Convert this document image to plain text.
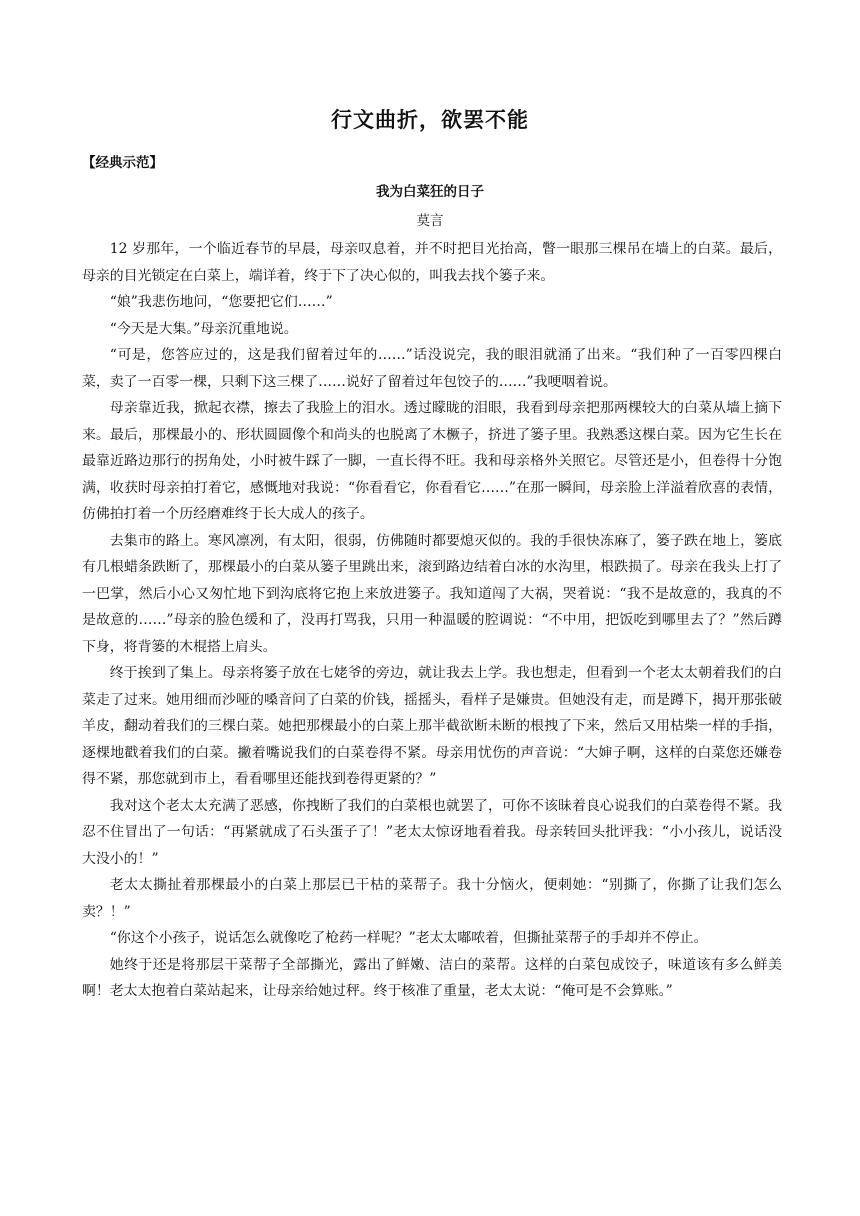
行文曲折，欲罢不能
【经典示范】
我为白菜狂的日子
莫言

12 岁那年，一个临近春节的早晨，母亲叹息着，并不时把目光抬高，瞥一眼那三棵吊在墙上的白菜。最后，母亲的目光锁定在白菜上，端详着，终于下了决心似的，叫我去找个篓子来。

“娘”我悲伤地问，“您要把它们……”

“今天是大集。”母亲沉重地说。

“可是，您答应过的，这是我们留着过年的……”话没说完，我的眼泪就涌了出来。“我们种了一百零四棵白菜，卖了一百零一棵，只剩下这三棵了……说好了留着过年包饺子的……”我哽咽着说。

母亲靠近我，掀起衣襟，擦去了我脸上的泪水。透过矇眬的泪眼，我看到母亲把那两棵较大的白菜从墙上摘下来。最后，那棵最小的、形状圆圆像个和尚头的也脱离了木橛子，挤进了篓子里。我熟悉这棵白菜。因为它生长在最靠近路边那行的拐角处，小时被牛踩了一脚，一直长得不旺。我和母亲格外关照它。尽管还是小，但卷得十分饱满，收获时母亲拍打着它，感慨地对我说：“你看看它，你看看它……”在那一瞬间，母亲脸上洋溢着欣喜的表情，仿佛拍打着一个历经磨难终于长大成人的孩子。

去集市的路上。寒风凛冽，有太阳，很弱，仿佛随时都要熄灭似的。我的手很快冻麻了，篓子跌在地上，篓底有几根蜡条跌断了，那棵最小的白菜从篓子里跳出来，滚到路边结着白冰的水沟里，根跌损了。母亲在我头上打了一巴掌，然后小心又匆忙地下到沟底将它抱上来放进篓子。我知道闯了大祸，哭着说：“我不是故意的，我真的不是故意的……”母亲的脸色缓和了，没再打骂我，只用一种温暖的腔调说：“不中用，把饭吃到哪里去了？”然后蹲下身，将背篓的木棍搭上肩头。

终于挨到了集上。母亲将篓子放在七姥爷的旁边，就让我去上学。我也想走，但看到一个老太太朝着我们的白菜走了过来。她用细而沙哑的嗓音问了白菜的价钱，摇摇头，看样子是嫌贵。但她没有走，而是蹲下，揭开那张破羊皮，翻动着我们的三棵白菜。她把那棵最小的白菜上那半截欲断未断的根拽了下来，然后又用枯柴一样的手指，逐棵地戳着我们的白菜。撇着嘴说我们的白菜卷得不紧。母亲用忧伤的声音说：“大婶子啊，这样的白菜您还嫌卷得不紧，那您就到市上，看看哪里还能找到卷得更紧的？”

我对这个老太太充满了恶感，你拽断了我们的白菜根也就罢了，可你不该昧着良心说我们的白菜卷得不紧。我忍不住冒出了一句话：“再紧就成了石头蛋子了！”老太太惊讶地看着我。母亲转回头批评我：“小小孩儿，说话没大没小的！”

老太太撕扯着那棵最小的白菜上那层已干枯的菜帮子。我十分恼火，便刺她：“别撕了，你撕了让我们怎么卖？！”

“你这个小孩子，说话怎么就像吃了枪药一样呢？”老太太嘟哝着，但撕扯菜帮子的手却并不停止。

她终于还是将那层干菜帮子全部撕光，露出了鲜嫩、洁白的菜帮。这样的白菜包成饺子，味道该有多么鲜美啊！老太太抱着白菜站起来，让母亲给她过秤。终于核准了重量，老太太说：“俺可是不会算账。”
